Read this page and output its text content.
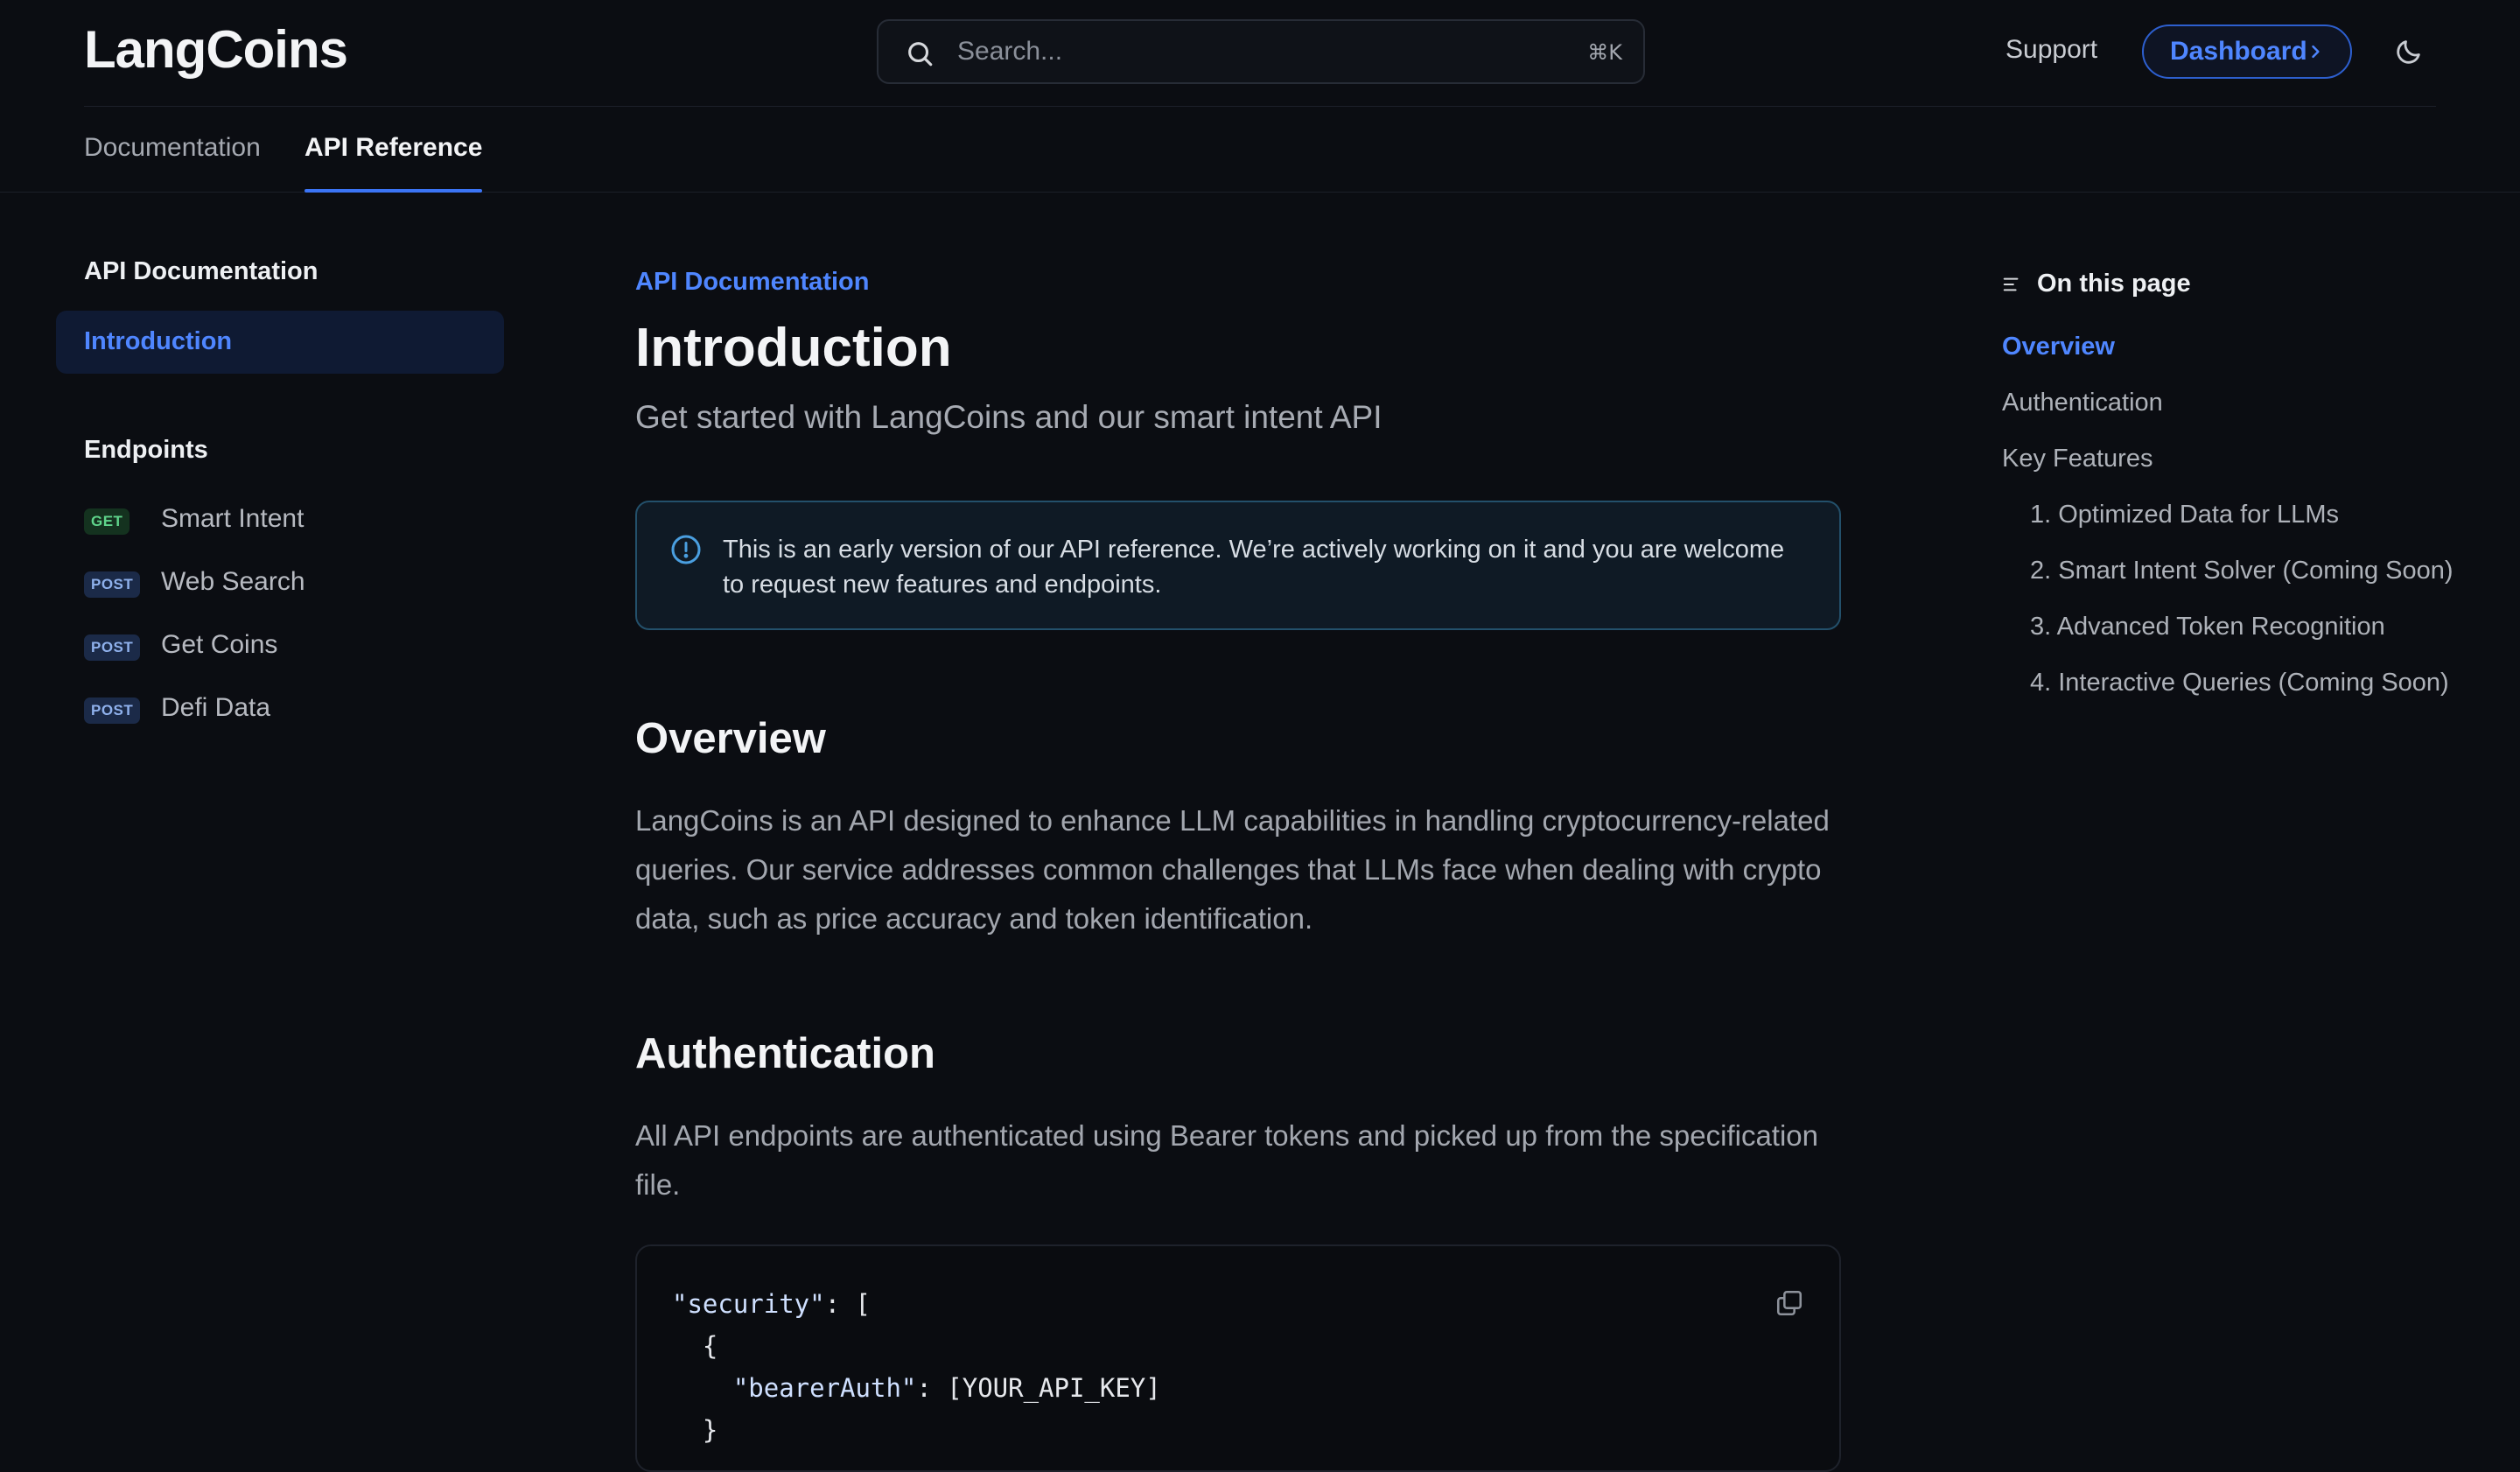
LangCoins	Search...	⌘K	Support	Dashboard
Documentation API Reference
API Documentation
Introduction
Endpoints
GET Smart Intent
POST Web Search
POST Get Coins
POST Defi Data
API Documentation
Introduction
Get started with LangCoins and our smart intent API
This is an early version of our API reference. We’re actively working on it and you are welcome to request new features and endpoints.
Overview
LangCoins is an API designed to enhance LLM capabilities in handling cryptocurrency-related queries. Our service addresses common challenges that LLMs face when dealing with crypto data, such as price accuracy and token identification.
Authentication
All API endpoints are authenticated using Bearer tokens and picked up from the specification file.
"security": [
{
"bearerAuth": [YOUR_API_KEY]
}
On this page
Overview
Authentication
Key Features
1. Optimized Data for LLMs
2. Smart Intent Solver (Coming Soon)
3. Advanced Token Recognition
4. Interactive Queries (Coming Soon)
